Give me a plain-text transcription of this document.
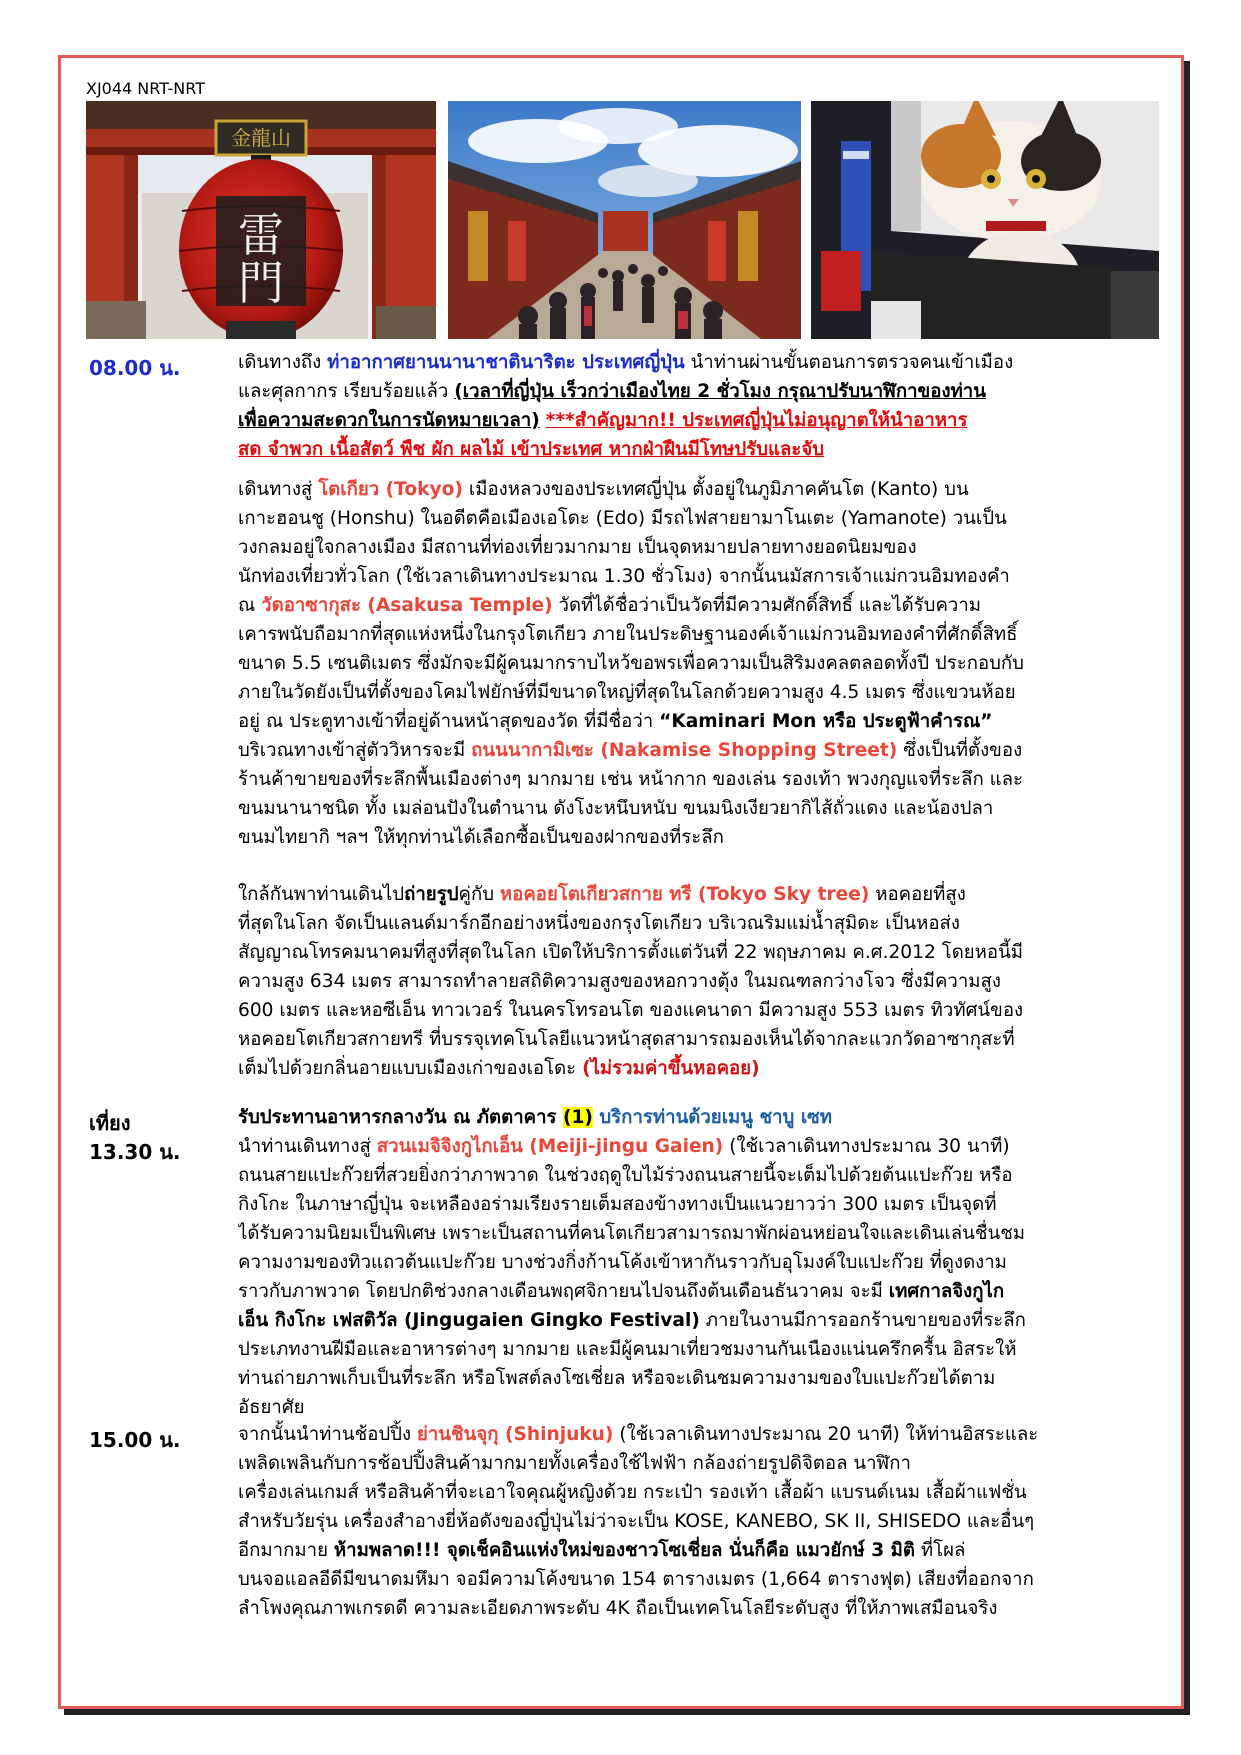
XJ044 NRT-NRT
金龍山
雷
門
08.00 น.	เดินทางถึง ท่าอากาศยานนานาชาตินาริตะ ประเทศญี่ปุ่น นำท่านผ่านขั้นตอนการตรวจคนเข้าเมือง
และศุลกากร เรียบร้อยแล้ว (เวลาที่ญี่ปุ่น เร็วกว่าเมืองไทย 2 ชั่วโมง กรุณาปรับนาฬิกาของท่าน
เพื่อความสะดวกในการนัดหมายเวลา) ***สำคัญมาก!! ประเทศญี่ปุ่นไม่อนุญาตให้นำอาหาร
สด จำพวก เนื้อสัตว์ พืช ผัก ผลไม้ เข้าประเทศ หากฝ่าฝืนมีโทษปรับและจับ
เดินทางสู่ โตเกียว (Tokyo) เมืองหลวงของประเทศญี่ปุ่น ตั้งอยู่ในภูมิภาคคันโต (Kanto) บน
เกาะฮอนชู (Honshu) ในอดีตคือเมืองเอโดะ (Edo) มีรถไฟสายยามาโนเตะ (Yamanote) วนเป็น
วงกลมอยู่ใจกลางเมือง มีสถานที่ท่องเที่ยวมากมาย เป็นจุดหมายปลายทางยอดนิยมของ
นักท่องเที่ยวทั่วโลก (ใช้เวลาเดินทางประมาณ 1.30 ชั่วโมง) จากนั้นนมัสการเจ้าแม่กวนอิมทองคำ
ณ วัดอาซากุสะ (Asakusa Temple) วัดที่ได้ชื่อว่าเป็นวัดที่มีความศักดิ์สิทธิ์ และได้รับความ
เคารพนับถือมากที่สุดแห่งหนึ่งในกรุงโตเกียว ภายในประดิษฐานองค์เจ้าแม่กวนอิมทองคำที่ศักดิ์สิทธิ์
ขนาด 5.5 เซนติเมตร ซึ่งมักจะมีผู้คนมากราบไหว้ขอพรเพื่อความเป็นสิริมงคลตลอดทั้งปี ประกอบกับ
ภายในวัดยังเป็นที่ตั้งของโคมไฟยักษ์ที่มีขนาดใหญ่ที่สุดในโลกด้วยความสูง 4.5 เมตร ซึ่งแขวนห้อย
อยู่ ณ ประตูทางเข้าที่อยู่ด้านหน้าสุดของวัด ที่มีชื่อว่า “Kaminari Mon หรือ ประตูฟ้าคำรณ”
บริเวณทางเข้าสู่ตัววิหารจะมี ถนนนากามิเซะ (Nakamise Shopping Street) ซึ่งเป็นที่ตั้งของ
ร้านค้าขายของที่ระลึกพื้นเมืองต่างๆ มากมาย เช่น หน้ากาก ของเล่น รองเท้า พวงกุญแจที่ระลึก และ
ขนมนานาชนิด ทั้ง เมล่อนปังในตำนาน ดังโงะหนึบหนับ ขนมนิงเงียวยากิไส้ถั่วแดง และน้องปลา
ขนมไทยากิ ฯลฯ ให้ทุกท่านได้เลือกซื้อเป็นของฝากของที่ระลึก
ใกล้กันพาท่านเดินไปถ่ายรูปคู่กับ หอคอยโตเกียวสกาย ทรี (Tokyo Sky tree) หอคอยที่สูง
ที่สุดในโลก จัดเป็นแลนด์มาร์กอีกอย่างหนึ่งของกรุงโตเกียว บริเวณริมแม่น้ำสุมิดะ เป็นหอส่ง
สัญญาณโทรคมนาคมที่สูงที่สุดในโลก เปิดให้บริการตั้งแต่วันที่ 22 พฤษภาคม ค.ศ.2012 โดยหอนี้มี
ความสูง 634 เมตร สามารถทำลายสถิติความสูงของหอกวางตุ้ง ในมณฑลกว่างโจว ซึ่งมีความสูง
600 เมตร และหอซีเอ็น ทาวเวอร์ ในนครโทรอนโต ของแคนาดา มีความสูง 553 เมตร ทิวทัศน์ของ
หอคอยโตเกียวสกายทรี ที่บรรจุเทคโนโลยีแนวหน้าสุดสามารถมองเห็นได้จากละแวกวัดอาซากุสะที่
เต็มไปด้วยกลิ่นอายแบบเมืองเก่าของเอโดะ (ไม่รวมค่าขึ้นหอคอย)
เที่ยง	รับประทานอาหารกลางวัน ณ ภัตตาคาร (1) บริการท่านด้วยเมนู ชาบู เซท
13.30 น.	นำท่านเดินทางสู่ สวนเมจิจิงกูไกเอ็น (Meiji-jingu Gaien) (ใช้เวลาเดินทางประมาณ 30 นาที)
ถนนสายแปะก๊วยที่สวยยิ่งกว่าภาพวาด ในช่วงฤดูใบไม้ร่วงถนนสายนี้จะเต็มไปด้วยต้นแปะก๊วย หรือ
กิงโกะ ในภาษาญี่ปุ่น จะเหลืองอร่ามเรียงรายเต็มสองข้างทางเป็นแนวยาวว่า 300 เมตร เป็นจุดที่
ได้รับความนิยมเป็นพิเศษ เพราะเป็นสถานที่คนโตเกียวสามารถมาพักผ่อนหย่อนใจและเดินเล่นชื่นชม
ความงามของทิวแถวต้นแปะก๊วย บางช่วงกิ่งก้านโค้งเข้าหากันราวกับอุโมงค์ใบแปะก๊วย ที่ดูงดงาม
ราวกับภาพวาด โดยปกติช่วงกลางเดือนพฤศจิกายนไปจนถึงต้นเดือนธันวาคม จะมี เทศกาลจิงกูไก
เอ็น กิงโกะ เฟสติวัล (Jingugaien Gingko Festival) ภายในงานมีการออกร้านขายของที่ระลึก
ประเภทงานฝีมือและอาหารต่างๆ มากมาย และมีผู้คนมาเที่ยวชมงานกันเนืองแน่นครึกครื้น อิสระให้
ท่านถ่ายภาพเก็บเป็นที่ระลึก หรือโพสต์ลงโซเชี่ยล หรือจะเดินชมความงามของใบแปะก๊วยได้ตาม
อัธยาศัย
15.00 น.	จากนั้นนำท่านช้อปปิ้ง ย่านชินจุกุ (Shinjuku) (ใช้เวลาเดินทางประมาณ 20 นาที) ให้ท่านอิสระและ
เพลิดเพลินกับการช้อปปิ้งสินค้ามากมายทั้งเครื่องใช้ไฟฟ้า กล้องถ่ายรูปดิจิตอล นาฬิกา
เครื่องเล่นเกมส์ หรือสินค้าที่จะเอาใจคุณผู้หญิงด้วย กระเป๋า รองเท้า เสื้อผ้า แบรนด์เนม เสื้อผ้าแฟชั่น
สำหรับวัยรุ่น เครื่องสำอางยี่ห้อดังของญี่ปุ่นไม่ว่าจะเป็น KOSE, KANEBO, SK II, SHISEDO และอื่นๆ
อีกมากมาย ห้ามพลาด!!! จุดเช็คอินแห่งใหม่ของชาวโซเชี่ยล นั่นก็คือ แมวยักษ์ 3 มิติ ที่โผล่
บนจอแอลอีดีมีขนาดมหึมา จอมีความโค้งขนาด 154 ตารางเมตร (1,664 ตารางฟุต) เสียงที่ออกจาก
ลำโพงคุณภาพเกรดดี ความละเอียดภาพระดับ 4K ถือเป็นเทคโนโลยีระดับสูง ที่ให้ภาพเสมือนจริง
